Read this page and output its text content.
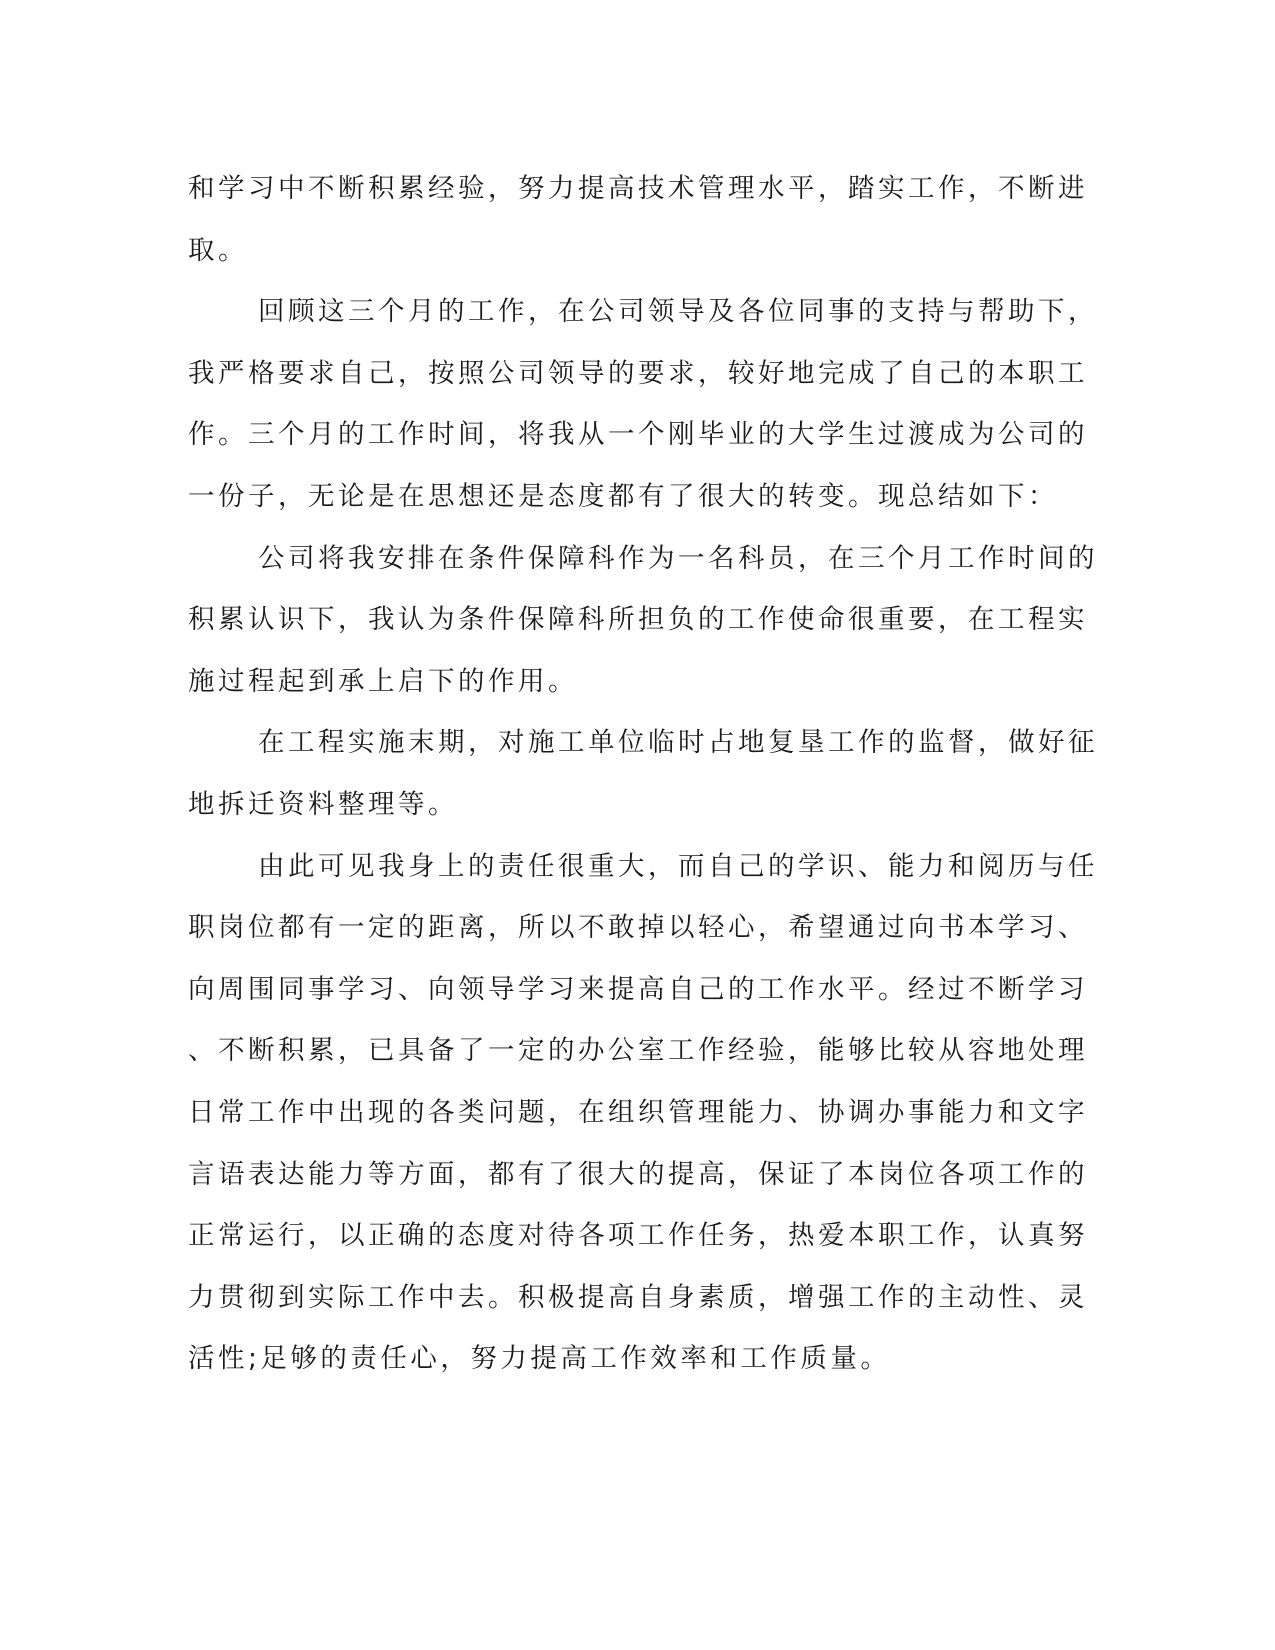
和学习中不断积累经验，努力提高技术管理水平，踏实工作，不断进
取。
回顾这三个月的工作，在公司领导及各位同事的支持与帮助下，
我严格要求自己，按照公司领导的要求，较好地完成了自己的本职工
作。三个月的工作时间，将我从一个刚毕业的大学生过渡成为公司的
一份子，无论是在思想还是态度都有了很大的转变。现总结如下：
公司将我安排在条件保障科作为一名科员，在三个月工作时间的
积累认识下，我认为条件保障科所担负的工作使命很重要，在工程实
施过程起到承上启下的作用。
在工程实施末期，对施工单位临时占地复垦工作的监督，做好征
地拆迁资料整理等。
由此可见我身上的责任很重大，而自己的学识、能力和阅历与任
职岗位都有一定的距离，所以不敢掉以轻心，希望通过向书本学习、
向周围同事学习、向领导学习来提高自己的工作水平。经过不断学习
、不断积累，已具备了一定的办公室工作经验，能够比较从容地处理
日常工作中出现的各类问题，在组织管理能力、协调办事能力和文字
言语表达能力等方面，都有了很大的提高，保证了本岗位各项工作的
正常运行，以正确的态度对待各项工作任务，热爱本职工作，认真努
力贯彻到实际工作中去。积极提高自身素质，增强工作的主动性、灵
活性;足够的责任心，努力提高工作效率和工作质量。
